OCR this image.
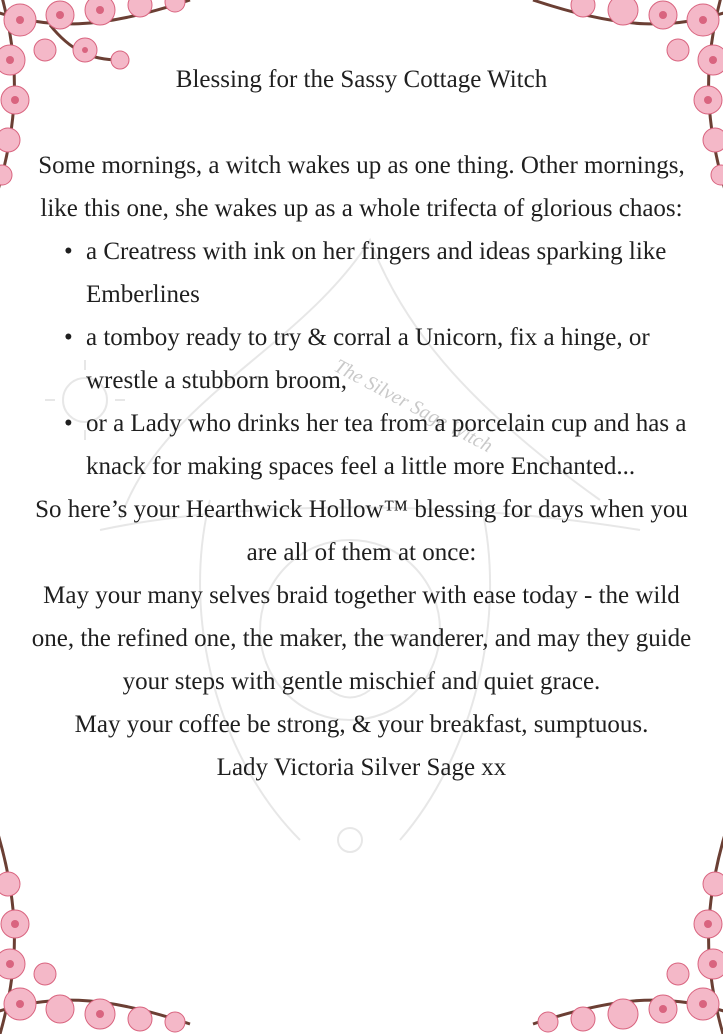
The Silver Sage Witch
Blessing for the Sassy Cottage Witch

Some mornings, a witch wakes up as one thing. Other mornings, like this one, she wakes up as a whole trifecta of glorious chaos:

• a Creatress with ink on her fingers and ideas sparking like Emberlines
• a tomboy ready to try & corral a Unicorn, fix a hinge, or wrestle a stubborn broom,
• or a Lady who drinks her tea from a porcelain cup and has a knack for making spaces feel a little more Enchanted...

So here’s your Hearthwick Hollow™ blessing for days when you are all of them at once:

May your many selves braid together with ease today - the wild one, the refined one, the maker, the wanderer, and may they guide your steps with gentle mischief and quiet grace.

May your coffee be strong, & your breakfast, sumptuous.

Lady Victoria Silver Sage xx
